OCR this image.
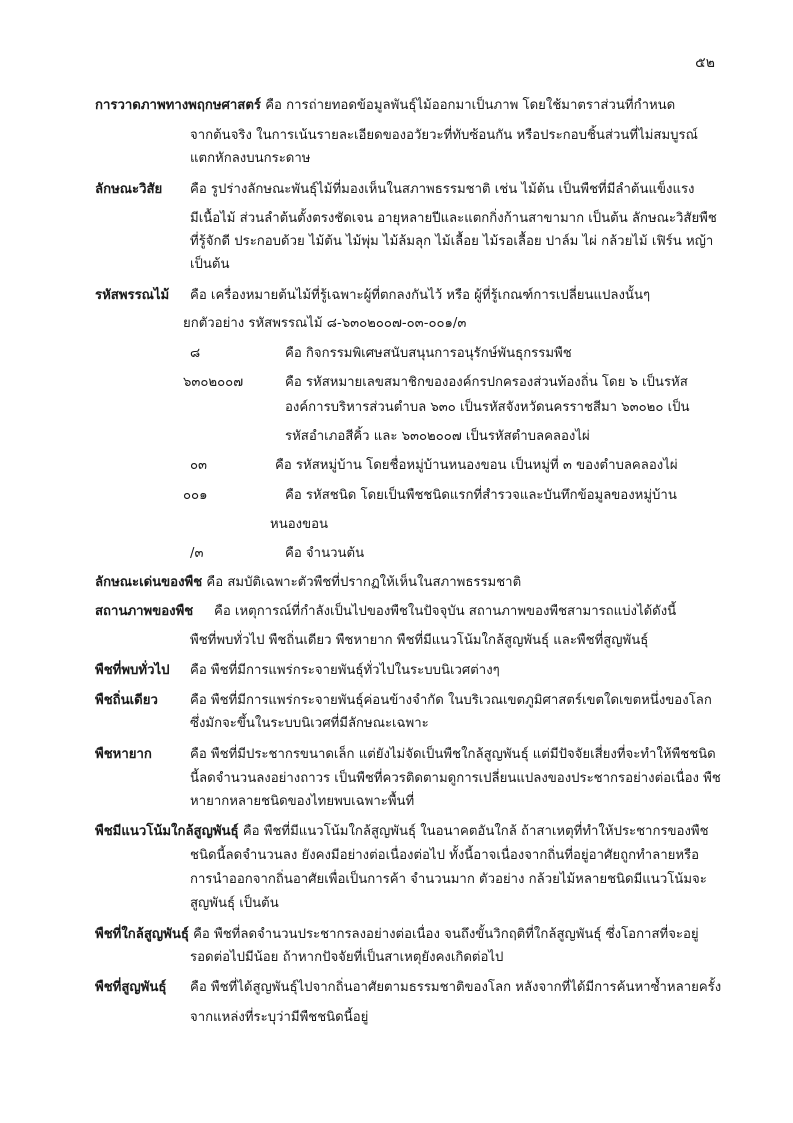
๕๒
การวาดภาพทางพฤกษศาสตร์ คือ การถ่ายทอดข้อมูลพันธุ์ไม้ออกมาเป็นภาพ โดยใช้มาตราส่วนที่กำหนด
จากต้นจริง ในการเน้นรายละเอียดของอวัยวะที่ทับซ้อนกัน หรือประกอบชิ้นส่วนที่ไม่สมบูรณ์
แตกหักลงบนกระดาษ
ลักษณะวิสัย คือ รูปร่างลักษณะพันธุ์ไม้ที่มองเห็นในสภาพธรรมชาติ เช่น ไม้ต้น เป็นพืชที่มีลำต้นแข็งแรง
มีเนื้อไม้ ส่วนลำต้นตั้งตรงชัดเจน อายุหลายปีและแตกกิ่งก้านสาขามาก เป็นต้น ลักษณะวิสัยพืช
ที่รู้จักดี ประกอบด้วย ไม้ต้น ไม้พุ่ม ไม้ล้มลุก ไม้เลื้อย ไม้รอเลื้อย ปาล์ม ไผ่ กล้วยไม้ เฟิร์น หญ้า
เป็นต้น
รหัสพรรณไม้ คือ เครื่องหมายต้นไม้ที่รู้เฉพาะผู้ที่ตกลงกันไว้ หรือ ผู้ที่รู้เกณฑ์การเปลี่ยนแปลงนั้นๆ
ยกตัวอย่าง รหัสพรรณไม้ ๘-๖๓๐๒๐๐๗-๐๓-๐๐๑/๓
๘	คือ กิจกรรมพิเศษสนับสนุนการอนุรักษ์พันธุกรรมพืช
๖๓๐๒๐๐๗	คือ รหัสหมายเลขสมาชิกขององค์กรปกครองส่วนท้องถิ่น โดย ๖ เป็นรหัส
องค์การบริหารส่วนตำบล ๖๓๐ เป็นรหัสจังหวัดนครราชสีมา ๖๓๐๒๐ เป็น
รหัสอำเภอสีคิ้ว และ ๖๓๐๒๐๐๗ เป็นรหัสตำบลคลองไผ่
๐๓	คือ รหัสหมู่บ้าน โดยชื่อหมู่บ้านหนองขอน เป็นหมู่ที่ ๓ ของตำบลคลองไผ่
๐๐๑	คือ รหัสชนิด โดยเป็นพืชชนิดแรกที่สำรวจและบันทึกข้อมูลของหมู่บ้าน
หนองขอน
/๓	คือ จำนวนต้น
ลักษณะเด่นของพืช คือ สมบัติเฉพาะตัวพืชที่ปรากฏให้เห็นในสภาพธรรมชาติ
สถานภาพของพืช คือ เหตุการณ์ที่กำลังเป็นไปของพืชในปัจจุบัน สถานภาพของพืชสามารถแบ่งได้ดังนี้
พืชที่พบทั่วไป พืชถิ่นเดียว พืชหายาก พืชที่มีแนวโน้มใกล้สูญพันธุ์ และพืชที่สูญพันธุ์
พืชที่พบทั่วไป คือ พืชที่มีการแพร่กระจายพันธุ์ทั่วไปในระบบนิเวศต่างๆ
พืชถิ่นเดียว คือ พืชที่มีการแพร่กระจายพันธุ์ค่อนข้างจำกัด ในบริเวณเขตภูมิศาสตร์เขตใดเขตหนึ่งของโลก
ซึ่งมักจะขึ้นในระบบนิเวศที่มีลักษณะเฉพาะ
พืชหายาก	คือ พืชที่มีประชากรขนาดเล็ก แต่ยังไม่จัดเป็นพืชใกล้สูญพันธุ์ แต่มีปัจจัยเสี่ยงที่จะทำให้พืชชนิด
นี้ลดจำนวนลงอย่างถาวร เป็นพืชที่ควรติดตามดูการเปลี่ยนแปลงของประชากรอย่างต่อเนื่อง พืช
หายากหลายชนิดของไทยพบเฉพาะพื้นที่
พืชมีแนวโน้มใกล้สูญพันธุ์ คือ พืชที่มีแนวโน้มใกล้สูญพันธุ์ ในอนาคตอันใกล้ ถ้าสาเหตุที่ทำให้ประชากรของพืช
ชนิดนี้ลดจำนวนลง ยังคงมีอย่างต่อเนื่องต่อไป ทั้งนี้อาจเนื่องจากถิ่นที่อยู่อาศัยถูกทำลายหรือ
การนำออกจากถิ่นอาศัยเพื่อเป็นการค้า จำนวนมาก ตัวอย่าง กล้วยไม้หลายชนิดมีแนวโน้มจะ
สูญพันธุ์ เป็นต้น
พืชที่ใกล้สูญพันธุ์ คือ พืชที่ลดจำนวนประชากรลงอย่างต่อเนื่อง จนถึงขั้นวิกฤติที่ใกล้สูญพันธุ์ ซึ่งโอกาสที่จะอยู่
รอดต่อไปมีน้อย ถ้าหากปัจจัยที่เป็นสาเหตุยังคงเกิดต่อไป
พืชที่สูญพันธุ์ คือ พืชที่ได้สูญพันธุ์ไปจากถิ่นอาศัยตามธรรมชาติของโลก หลังจากที่ได้มีการค้นหาซ้ำหลายครั้ง
จากแหล่งที่ระบุว่ามีพืชชนิดนี้อยู่
